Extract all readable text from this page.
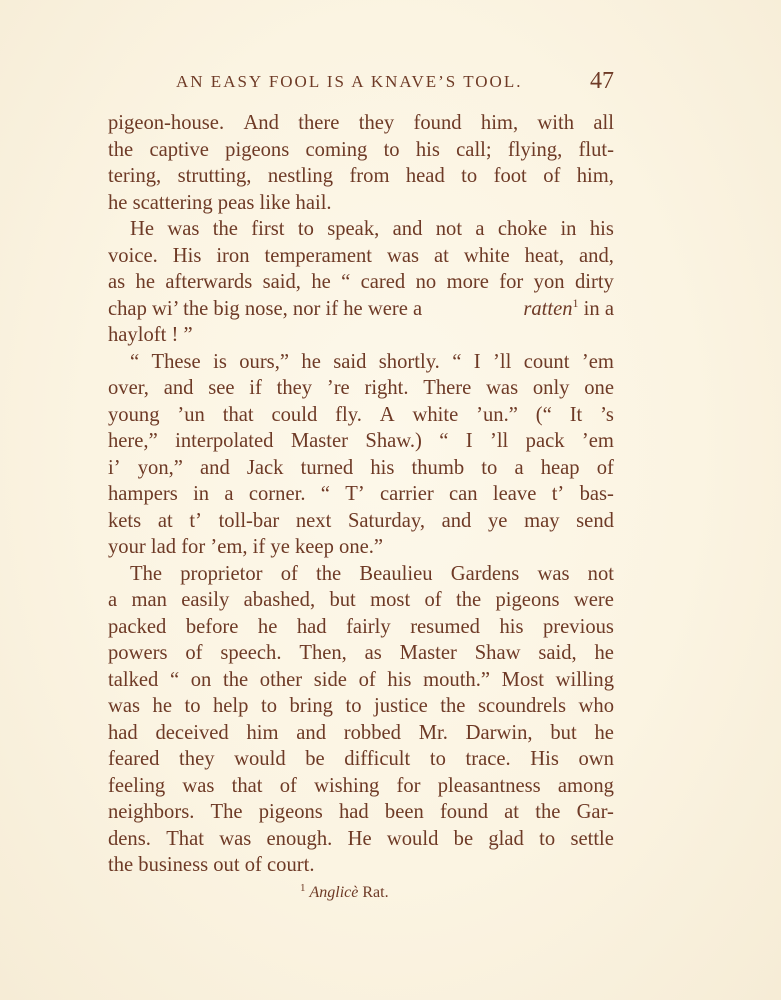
AN EASY FOOL IS A KNAVE’S TOOL.	47
pigeon-house. And there they found him, with all
the captive pigeons coming to his call; flying, flut-
tering, strutting, nestling from head to foot of him,
he scattering peas like hail.
He was the first to speak, and not a choke in his
voice. His iron temperament was at white heat, and,
as he afterwards said, he “ cared no more for yon dirty
chap wi’ the big nose, nor if he were a	ratten$^1$ in a
hayloft ! ”
“ These is ours,” he said shortly. “ I ’ll count ’em
over, and see if they ’re right. There was only one
young ’un that could fly. A white ’un.” (“ It ’s
here,” interpolated Master Shaw.) “ I ’ll pack ’em
i’ yon,” and Jack turned his thumb to a heap of
hampers in a corner. “ T’ carrier can leave t’ bas-
kets at t’ toll-bar next Saturday, and ye may send
your lad for ’em, if ye keep one.”
The proprietor of the Beaulieu Gardens was not
a man easily abashed, but most of the pigeons were
packed before he had fairly resumed his previous
powers of speech. Then, as Master Shaw said, he
talked “ on the other side of his mouth.” Most willing
was he to help to bring to justice the scoundrels who
had deceived him and robbed Mr. Darwin, but he
feared they would be difficult to trace. His own
feeling was that of wishing for pleasantness among
neighbors. The pigeons had been found at the Gar-
dens. That was enough. He would be glad to settle
the business out of court.
$^1$ Anglicè Rat.
